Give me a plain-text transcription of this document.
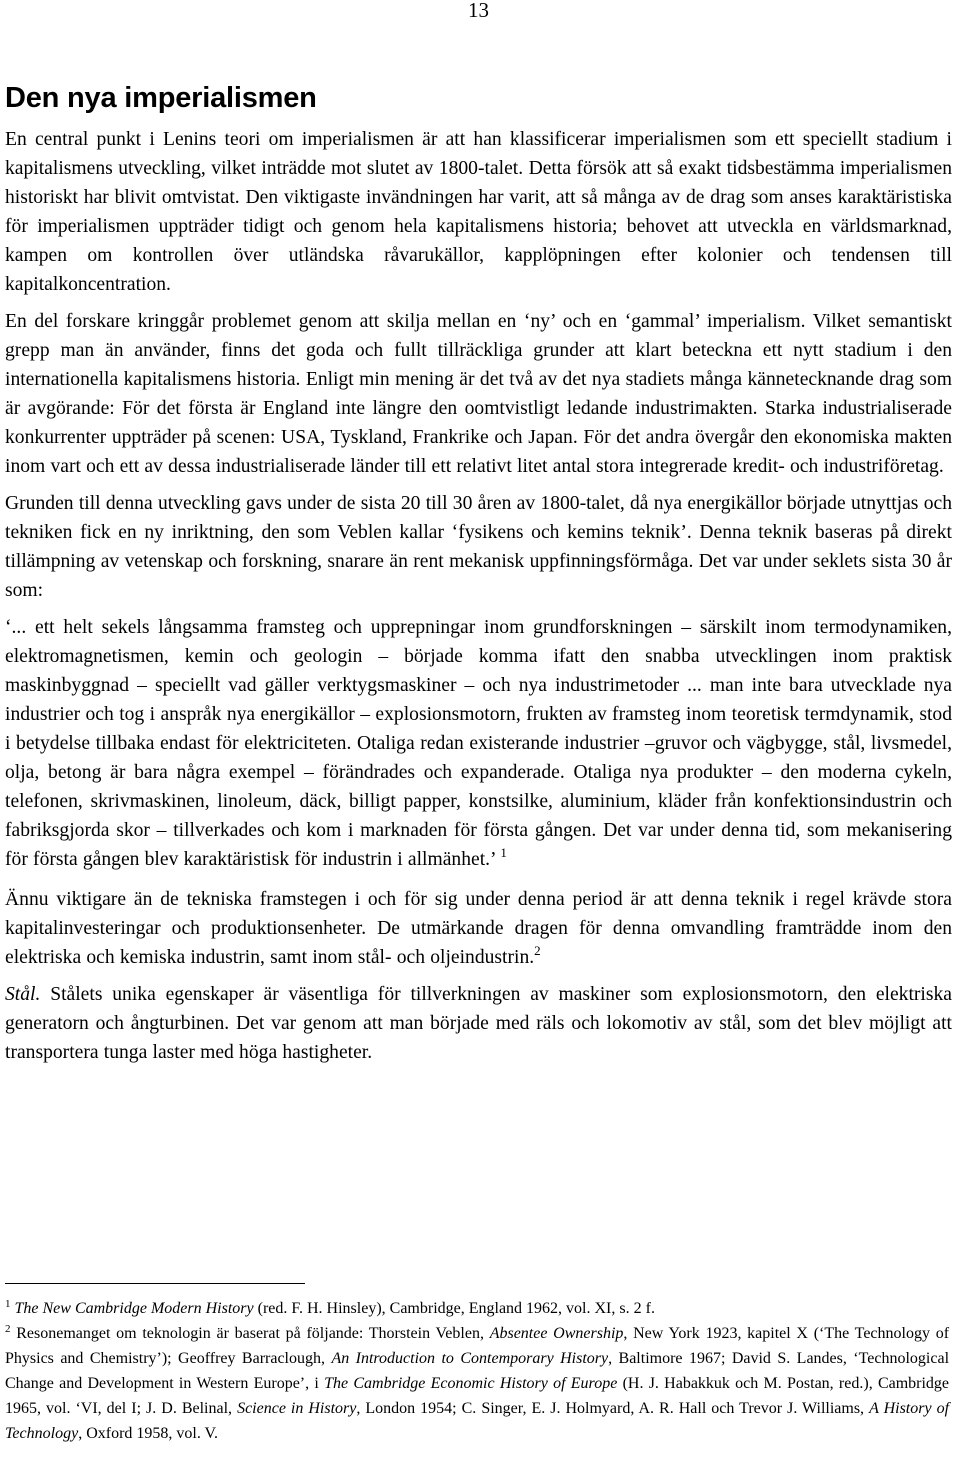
13
Den nya imperialismen

En central punkt i Lenins teori om imperialismen är att han klassificerar imperialismen som ett speciellt stadium i kapitalismens utveckling, vilket inträdde mot slutet av 1800-talet. Detta försök att så exakt tidsbestämma imperialismen historiskt har blivit omtvistat. Den viktigaste invändningen har varit, att så många av de drag som anses karaktäristiska för imperialismen uppträder tidigt och genom hela kapitalismens historia; behovet att utveckla en världsmarknad, kampen om kontrollen över utländska råvarukällor, kapplöpningen efter kolonier och tendensen till kapitalkoncentration.

En del forskare kringgår problemet genom att skilja mellan en ‘ny’ och en ‘gammal’ imperialism. Vilket semantiskt grepp man än använder, finns det goda och fullt tillräckliga grunder att klart beteckna ett nytt stadium i den internationella kapitalismens historia. Enligt min mening är det två av det nya stadiets många kännetecknande drag som är avgörande: För det första är England inte längre den oomtvistligt ledande industrimakten. Starka industrialiserade konkurrenter uppträder på scenen: USA, Tyskland, Frankrike och Japan. För det andra övergår den ekonomiska makten inom vart och ett av dessa industrialiserade länder till ett relativt litet antal stora integrerade kredit- och industriföretag.

Grunden till denna utveckling gavs under de sista 20 till 30 åren av 1800-talet, då nya energikällor började utnyttjas och tekniken fick en ny inriktning, den som Veblen kallar ‘fysikens och kemins teknik’. Denna teknik baseras på direkt tillämpning av vetenskap och forskning, snarare än rent mekanisk uppfinningsförmåga. Det var under seklets sista 30 år som:

‘... ett helt sekels långsamma framsteg och upprepningar inom grundforskningen – särskilt inom termodynamiken, elektromagnetismen, kemin och geologin – började komma ifatt den snabba utvecklingen inom praktisk maskinbyggnad – speciellt vad gäller verktygsmaskiner – och nya industrimetoder ... man inte bara utvecklade nya industrier och tog i anspråk nya energikällor – explosionsmotorn, frukten av framsteg inom teoretisk termdynamik, stod i betydelse tillbaka endast för elektriciteten. Otaliga redan existerande industrier –gruvor och vägbygge, stål, livsmedel, olja, betong är bara några exempel – förändrades och expanderade. Otaliga nya produkter – den moderna cykeln, telefonen, skrivmaskinen, linoleum, däck, billigt papper, konstsilke, aluminium, kläder från konfektionsindustrin och fabriksgjorda skor – tillverkades och kom i marknaden för första gången. Det var under denna tid, som mekanisering för första gången blev karaktäristisk för industrin i allmänhet.’ $^1$

Ännu viktigare än de tekniska framstegen i och för sig under denna period är att denna teknik i regel krävde stora kapitalinvesteringar och produktionsenheter. De utmärkande dragen för denna omvandling framträdde inom den elektriska och kemiska industrin, samt inom stål- och oljeindustrin.$^2$

Stål. Stålets unika egenskaper är väsentliga för tillverkningen av maskiner som explosionsmotorn, den elektriska generatorn och ångturbinen. Det var genom att man började med räls och lokomotiv av stål, som det blev möjligt att transportera tunga laster med höga hastigheter.

$^1$ The New Cambridge Modern History (red. F. H. Hinsley), Cambridge, England 1962, vol. XI, s. 2 f.

$^2$ Resonemanget om teknologin är baserat på följande: Thorstein Veblen, Absentee Ownership, New York 1923, kapitel X (‘The Technology of Physics and Chemistry’); Geoffrey Barraclough, An Introduction to Contemporary History, Baltimore 1967; David S. Landes, ‘Technological Change and Development in Western Europe’, i The Cambridge Economic History of Europe (H. J. Habakkuk och M. Postan, red.), Cambridge 1965, vol. ‘VI, del I; J. D. Belinal, Science in History, London 1954; C. Singer, E. J. Holmyard, A. R. Hall och Trevor J. Williams, A History of Technology, Oxford 1958, vol. V.
